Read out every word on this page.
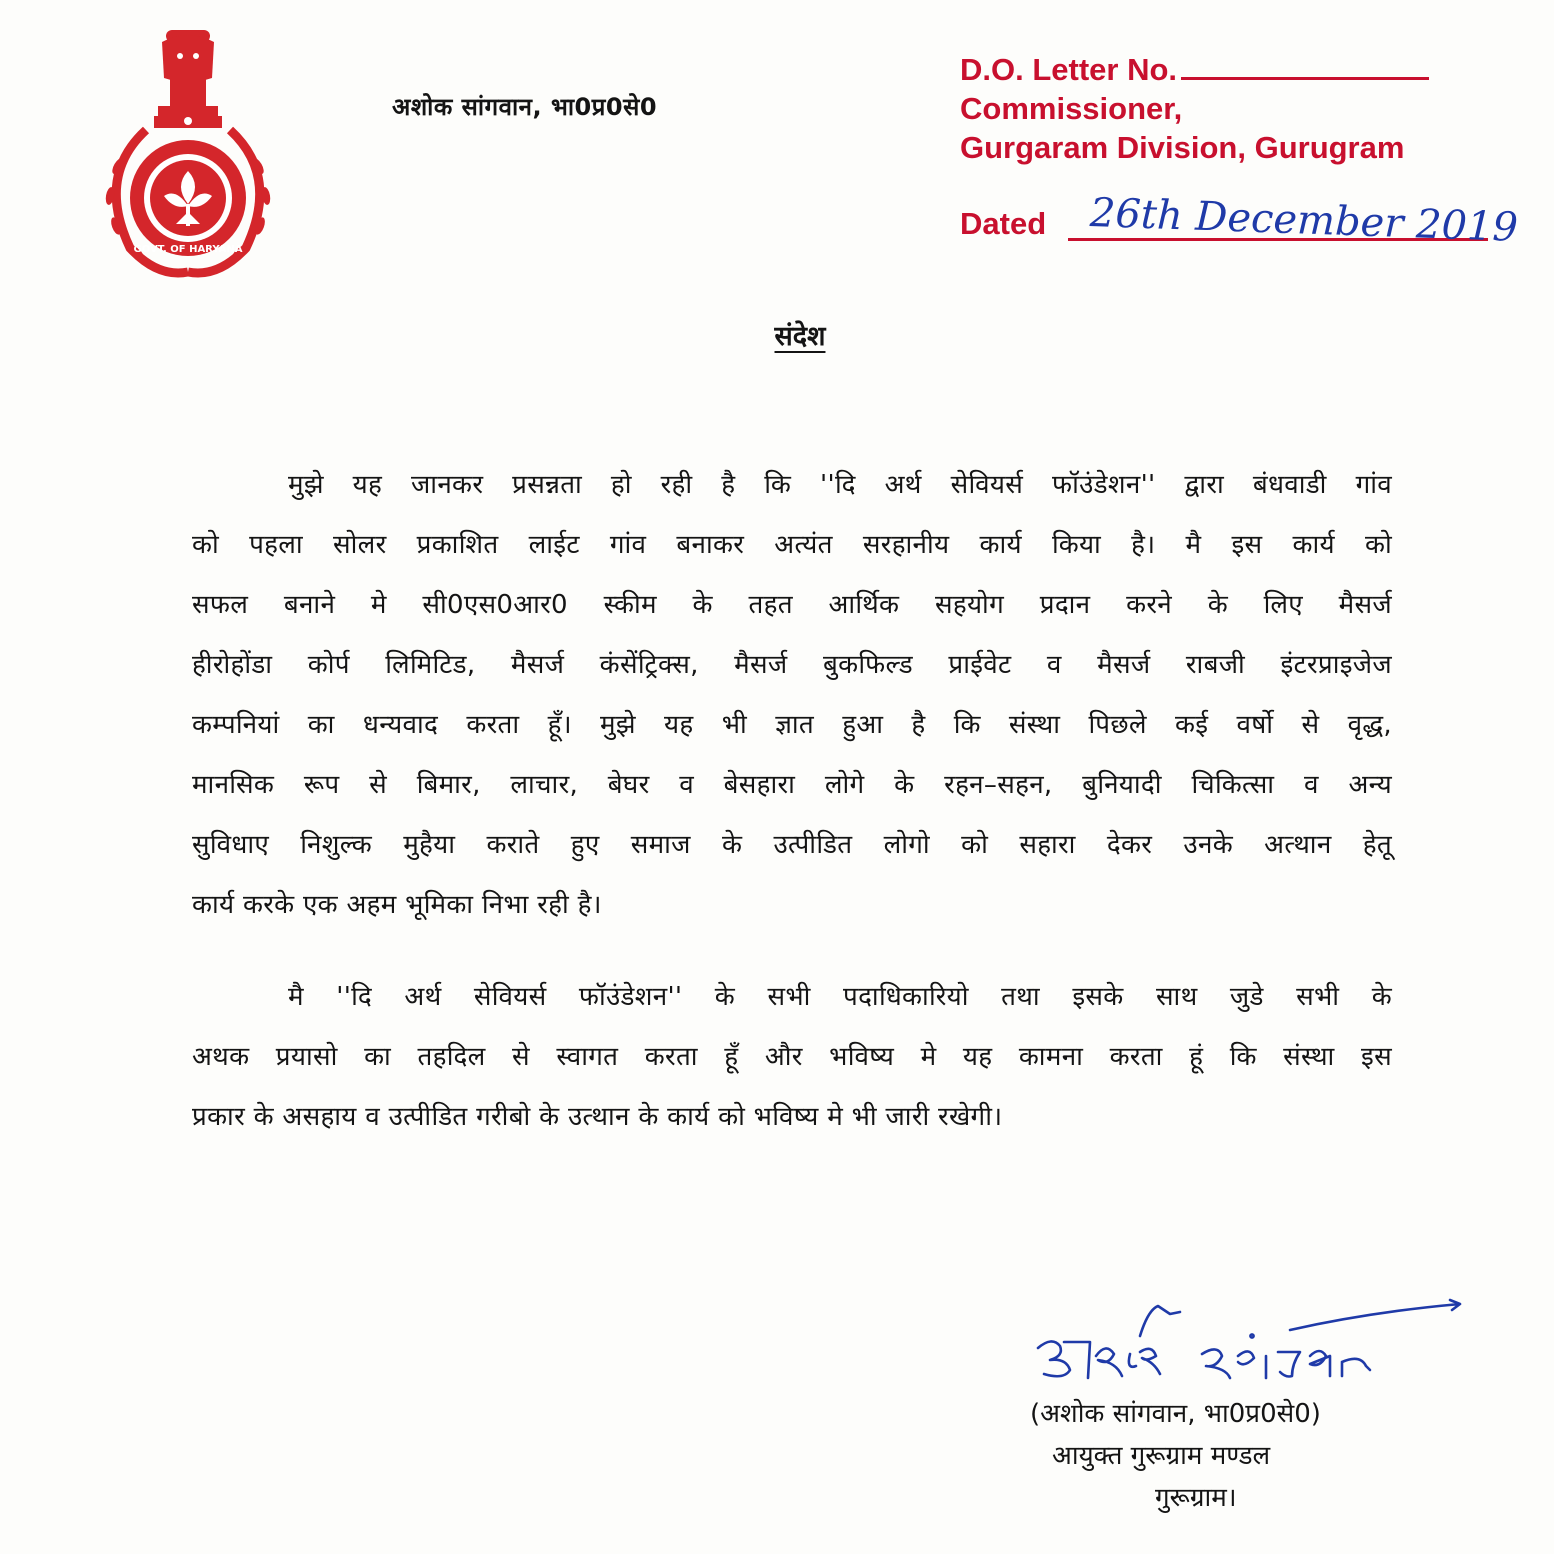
GOVT. OF HARYANA
अशोक सांगवान, भा0प्र0से0
D.O. Letter No.
Commissioner,
Gurgaram Division, Gurugram
Dated 26th December 2019
संदेश
मुझे यह जानकर प्रसन्नता हो रही है कि ''दि अर्थ सेवियर्स फॉउंडेशन'' द्वारा बंधवाडी गांव
को पहला सोलर प्रकाशित लाईट गांव बनाकर अत्यंत सरहानीय कार्य किया है। मै इस कार्य को
सफल बनाने मे सी0एस0आर0 स्कीम के तहत आर्थिक सहयोग प्रदान करने के लिए मैसर्ज
हीरोहोंडा कोर्प लिमिटिड, मैसर्ज कंसेंट्रिक्स, मैसर्ज बुकफिल्ड प्राईवेट व मैसर्ज राबजी इंटरप्राइजेज
कम्पनियां का धन्यवाद करता हूँ। मुझे यह भी ज्ञात हुआ है कि संस्था पिछले कई वर्षो से वृद्ध,
मानसिक रूप से बिमार, लाचार, बेघर व बेसहारा लोगे के रहन–सहन, बुनियादी चिकित्सा व अन्य
सुविधाए निशुल्क मुहैया कराते हुए समाज के उत्पीडित लोगो को सहारा देकर उनके अत्थान हेतू
कार्य करके एक अहम भूमिका निभा रही है।
मै ''दि अर्थ सेवियर्स फॉउंडेशन'' के सभी पदाधिकारियो तथा इसके साथ जुडे सभी के
अथक प्रयासो का तहदिल से स्वागत करता हूँ और भविष्य मे यह कामना करता हूं कि संस्था इस
प्रकार के असहाय व उत्पीडित गरीबो के उत्थान के कार्य को भविष्य मे भी जारी रखेगी।
(अशोक सांगवान, भा0प्र0से0)
आयुक्त गुरूग्राम मण्डल
गुरूग्राम।
